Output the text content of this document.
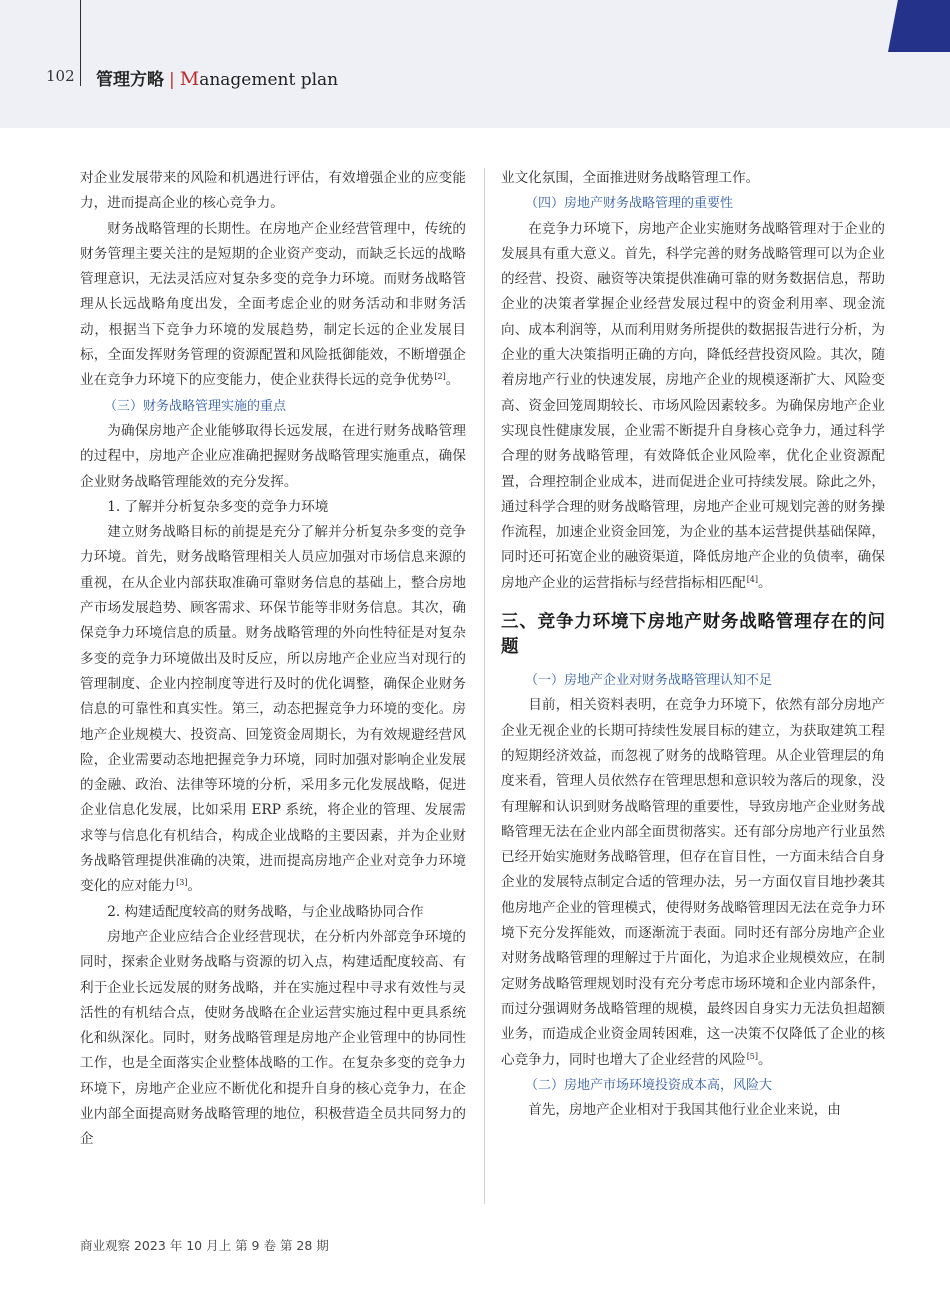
102 管理方略 | Management plan

对企业发展带来的风险和机遇进行评估，有效增强企业的应变能力，进而提高企业的核心竞争力。

财务战略管理的长期性。在房地产企业经营管理中，传统的财务管理主要关注的是短期的企业资产变动，而缺乏长远的战略管理意识，无法灵活应对复杂多变的竞争力环境。而财务战略管理从长远战略角度出发，全面考虑企业的财务活动和非财务活动，根据当下竞争力环境的发展趋势，制定长远的企业发展目标，全面发挥财务管理的资源配置和风险抵御能效，不断增强企业在竞争力环境下的应变能力，使企业获得长远的竞争优势[2]。

（三）财务战略管理实施的重点

为确保房地产企业能够取得长远发展，在进行财务战略管理的过程中，房地产企业应准确把握财务战略管理实施重点，确保企业财务战略管理能效的充分发挥。

1. 了解并分析复杂多变的竞争力环境

建立财务战略目标的前提是充分了解并分析复杂多变的竞争力环境。首先，财务战略管理相关人员应加强对市场信息来源的重视，在从企业内部获取准确可靠财务信息的基础上，整合房地产市场发展趋势、顾客需求、环保节能等非财务信息。其次，确保竞争力环境信息的质量。财务战略管理的外向性特征是对复杂多变的竞争力环境做出及时反应，所以房地产企业应当对现行的管理制度、企业内控制度等进行及时的优化调整，确保企业财务信息的可靠性和真实性。第三，动态把握竞争力环境的变化。房地产企业规模大、投资高、回笼资金周期长，为有效规避经营风险，企业需要动态地把握竞争力环境，同时加强对影响企业发展的金融、政治、法律等环境的分析，采用多元化发展战略，促进企业信息化发展，比如采用 ERP 系统，将企业的管理、发展需求等与信息化有机结合，构成企业战略的主要因素，并为企业财务战略管理提供准确的决策，进而提高房地产企业对竞争力环境变化的应对能力[3]。

2. 构建适配度较高的财务战略，与企业战略协同合作

房地产企业应结合企业经营现状，在分析内外部竞争环境的同时，探索企业财务战略与资源的切入点，构建适配度较高、有利于企业长远发展的财务战略，并在实施过程中寻求有效性与灵活性的有机结合点，使财务战略在企业运营实施过程中更具系统化和纵深化。同时，财务战略管理是房地产企业管理中的协同性工作，也是全面落实企业整体战略的工作。在复杂多变的竞争力环境下，房地产企业应不断优化和提升自身的核心竞争力，在企业内部全面提高财务战略管理的地位，积极营造全员共同努力的企

业文化氛围，全面推进财务战略管理工作。

（四）房地产财务战略管理的重要性

在竞争力环境下，房地产企业实施财务战略管理对于企业的发展具有重大意义。首先，科学完善的财务战略管理可以为企业的经营、投资、融资等决策提供准确可靠的财务数据信息，帮助企业的决策者掌握企业经营发展过程中的资金利用率、现金流向、成本利润等，从而利用财务所提供的数据报告进行分析，为企业的重大决策指明正确的方向，降低经营投资风险。其次，随着房地产行业的快速发展，房地产企业的规模逐渐扩大、风险变高、资金回笼周期较长、市场风险因素较多。为确保房地产企业实现良性健康发展，企业需不断提升自身核心竞争力，通过科学合理的财务战略管理，有效降低企业风险率，优化企业资源配置，合理控制企业成本，进而促进企业可持续发展。除此之外，通过科学合理的财务战略管理，房地产企业可规划完善的财务操作流程，加速企业资金回笼，为企业的基本运营提供基础保障，同时还可拓宽企业的融资渠道，降低房地产企业的负债率，确保房地产企业的运营指标与经营指标相匹配[4]。

三、竞争力环境下房地产财务战略管理存在的问题
（一）房地产企业对财务战略管理认知不足

目前，相关资料表明，在竞争力环境下，依然有部分房地产企业无视企业的长期可持续性发展目标的建立，为获取建筑工程的短期经济效益，而忽视了财务的战略管理。从企业管理层的角度来看，管理人员依然存在管理思想和意识较为落后的现象，没有理解和认识到财务战略管理的重要性，导致房地产企业财务战略管理无法在企业内部全面贯彻落实。还有部分房地产行业虽然已经开始实施财务战略管理，但存在盲目性，一方面未结合自身企业的发展特点制定合适的管理办法，另一方面仅盲目地抄袭其他房地产企业的管理模式，使得财务战略管理因无法在竞争力环境下充分发挥能效，而逐渐流于表面。同时还有部分房地产企业对财务战略管理的理解过于片面化，为追求企业规模效应，在制定财务战略管理规划时没有充分考虑市场环境和企业内部条件，而过分强调财务战略管理的规模，最终因自身实力无法负担超额业务，而造成企业资金周转困难，这一决策不仅降低了企业的核心竞争力，同时也增大了企业经营的风险[5]。

（二）房地产市场环境投资成本高，风险大

首先，房地产企业相对于我国其他行业企业来说，由

商业观察 2023 年 10 月上 第 9 卷 第 28 期
